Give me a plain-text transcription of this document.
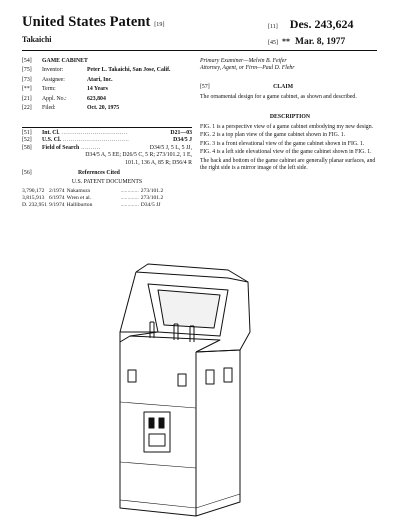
United States Patent [19]
Takaichi
[11] Des. 243,624
[45] ** Mar. 8, 1977
[54] GAME CABINET
[75] Inventor:	Peter L. Takaichi, San Jose, Calif.
[73] Assignee:	Atari, Inc.
[**] Term:	14 Years
[21] Appl. No.:	623,804
[22] Filed:	Oct. 20, 1975
[51] Int. Cl. ..................................	D21—03
[52] U.S. Cl. ..................................	D34/5 J
[58] Field of Search ..........	D34/5 J, 5 L, 5 JJ,
D34/5 A, 5 EE; D26/5 C, 5 R; 273/101.2, 1 E,
101.1, 136 A, 85 R; D56/4 R
[56]	References Cited
U.S. PATENT DOCUMENTS
3,790,172	2/1974	Nakamura	.............	273/101.2
3,815,913	6/1974	Wren et al.	.............	273/101.2
D. 232,951	9/1974	Halliburton	.............	D34/5 JJ
Primary Examiner—Melvin B. Feifer
Attorney, Agent, or Firm—Paul D. Flehr
[57]	CLAIM
The ornamental design for a game cabinet, as shown and described.
DESCRIPTION
FIG. 1 is a perspective view of a game cabinet embodying my new design.
FIG. 2 is a top plan view of the game cabinet shown in FIG. 1.
FIG. 3 is a front elevational view of the game cabinet shown in FIG. 1.
FIG. 4 is a left side elevational view of the game cabinet shown in FIG. 1.
The back and bottom of the game cabinet are generally planar surfaces, and the right side is a mirror image of the left side.
